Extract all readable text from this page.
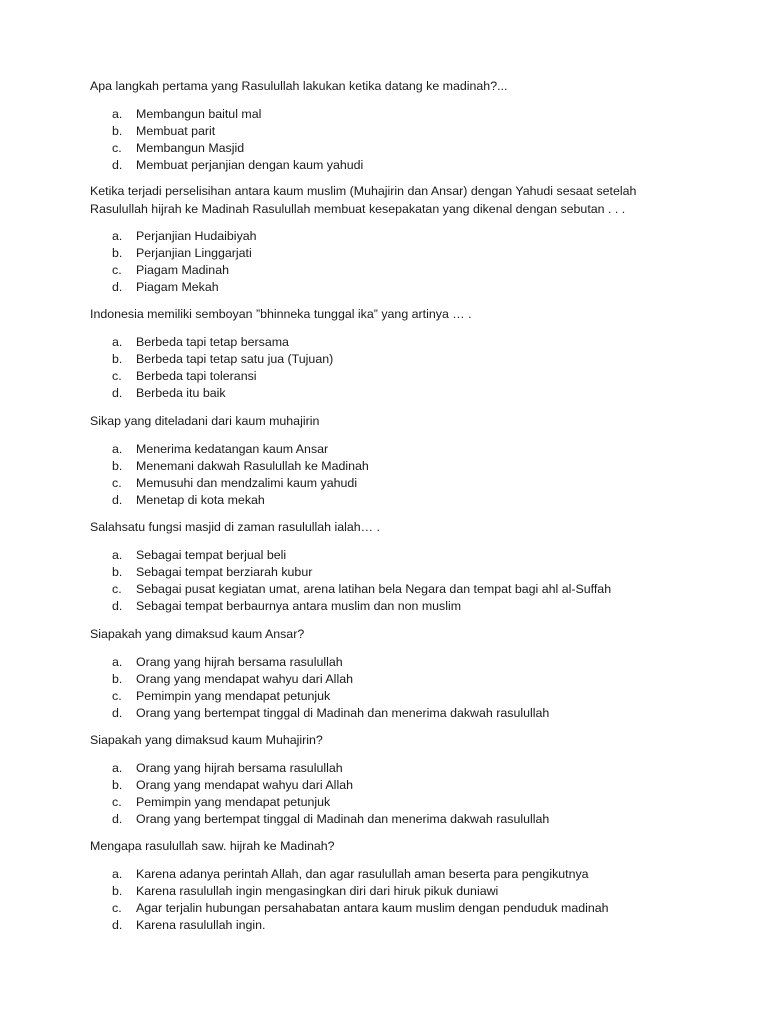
Apa langkah pertama yang Rasulullah lakukan ketika datang ke madinah?...

a.	Membangun baitul mal
b.	Membuat parit
c.	Membangun Masjid
d.	Membuat perjanjian dengan kaum yahudi

Ketika terjadi perselisihan antara kaum muslim (Muhajirin dan Ansar) dengan Yahudi sesaat setelah Rasulullah hijrah ke Madinah Rasulullah membuat kesepakatan yang dikenal dengan sebutan . . .

a.	Perjanjian Hudaibiyah
b.	Perjanjian Linggarjati
c.	Piagam Madinah
d.	Piagam Mekah

Indonesia memiliki semboyan ”bhinneka tunggal ika” yang artinya … .

a.	Berbeda tapi tetap bersama
b.	Berbeda tapi tetap satu jua (Tujuan)
c.	Berbeda tapi toleransi
d.	Berbeda itu baik

Sikap yang diteladani dari kaum muhajirin

a.	Menerima kedatangan kaum Ansar
b.	Menemani dakwah Rasulullah ke Madinah
c.	Memusuhi dan mendzalimi kaum yahudi
d.	Menetap di kota mekah

Salahsatu fungsi masjid di zaman rasulullah ialah… .

a.	Sebagai tempat berjual beli
b.	Sebagai tempat berziarah kubur
c.	Sebagai pusat kegiatan umat, arena latihan bela Negara dan tempat bagi ahl al-Suffah
d.	Sebagai tempat berbaurnya antara muslim dan non muslim

Siapakah yang dimaksud kaum Ansar?

a.	Orang yang hijrah bersama rasulullah
b.	Orang yang mendapat wahyu dari Allah
c.	Pemimpin yang mendapat petunjuk
d.	Orang yang bertempat tinggal di Madinah dan menerima dakwah rasulullah

Siapakah yang dimaksud kaum Muhajirin?

a.	Orang yang hijrah bersama rasulullah
b.	Orang yang mendapat wahyu dari Allah
c.	Pemimpin yang mendapat petunjuk
d.	Orang yang bertempat tinggal di Madinah dan menerima dakwah rasulullah

Mengapa rasulullah saw. hijrah ke Madinah?

a.	Karena adanya perintah Allah, dan agar rasulullah aman beserta para pengikutnya
b.	Karena rasulullah ingin mengasingkan diri dari hiruk pikuk duniawi
c.	Agar terjalin hubungan persahabatan antara kaum muslim dengan penduduk madinah
d.	Karena rasulullah ingin.
